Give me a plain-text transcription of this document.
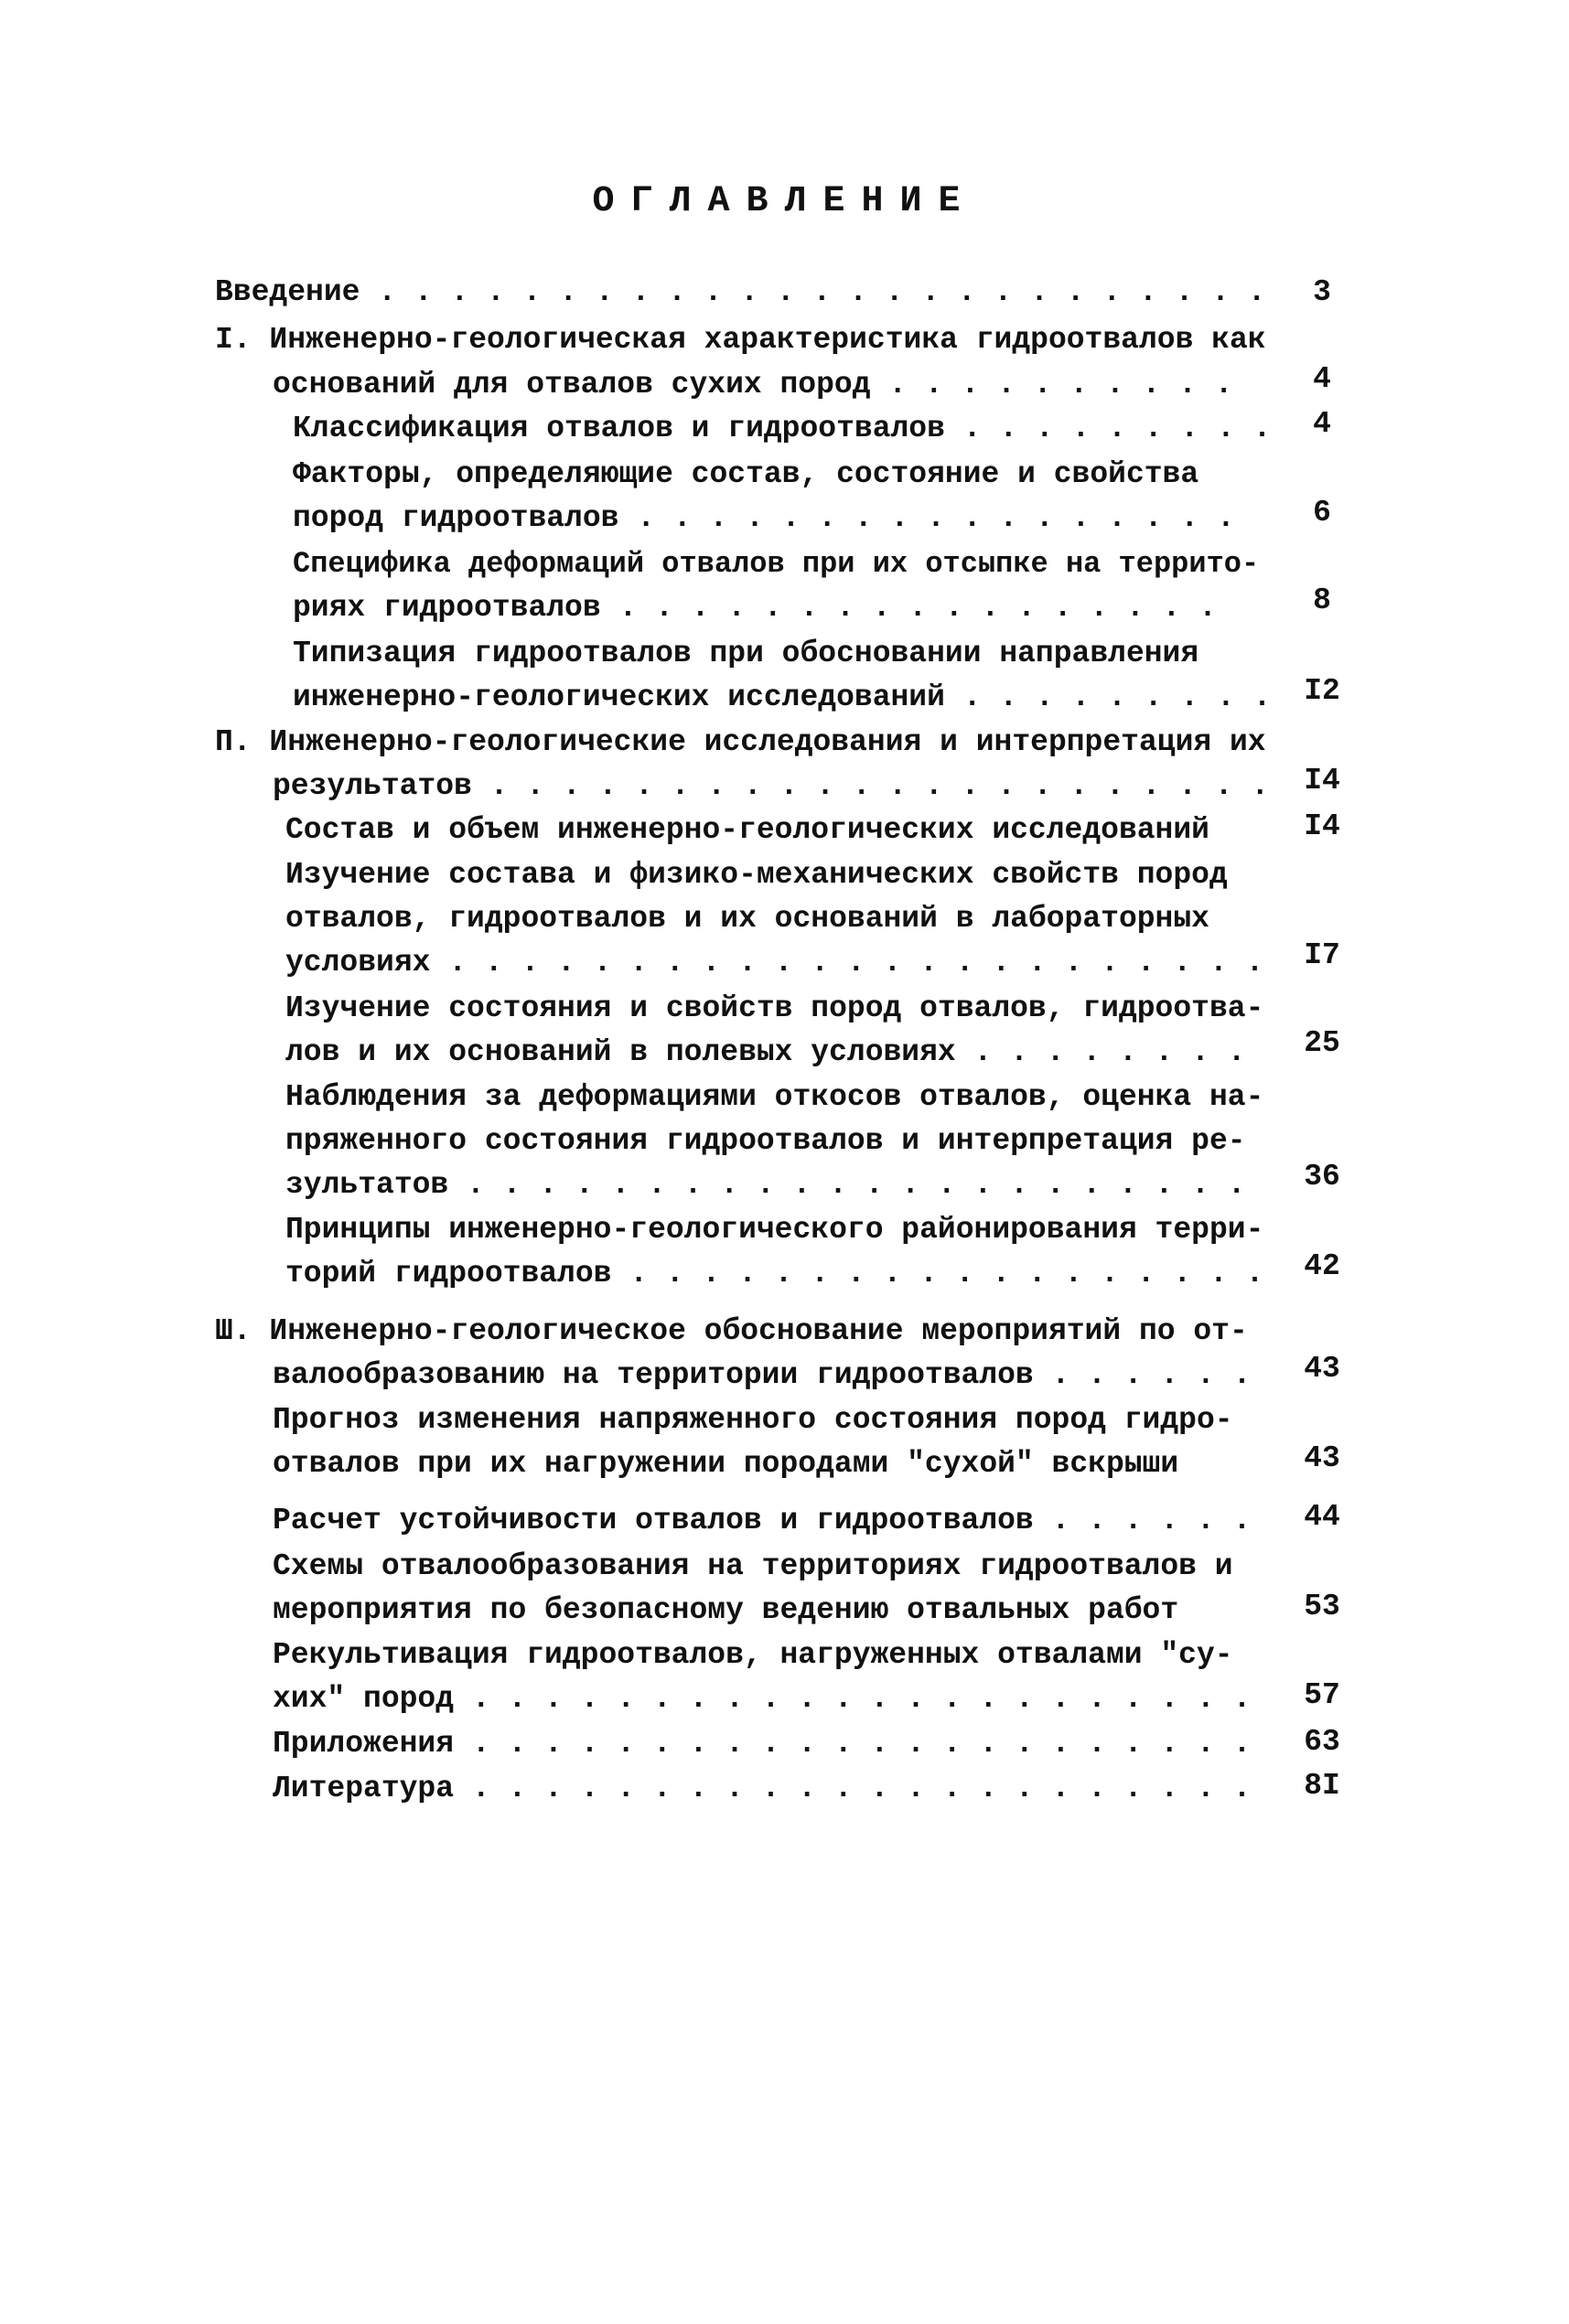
ОГЛАВЛЕНИЕ
Введение . . . . . . . . . . . . . . . . . . . . . . . . .	3
I. Инженерно-геологическая характеристика гидроотвалов как
оснований для отвалов сухих пород . . . . . . . . . .	4
Классификация отвалов и гидроотвалов . . . . . . . . .	4
Факторы, определяющие состав, состояние и свойства
пород гидроотвалов . . . . . . . . . . . . . . . . .	6
Специфика деформаций отвалов при их отсыпке на террито-
риях гидроотвалов . . . . . . . . . . . . . . . . .	8
Типизация гидроотвалов при обосновании направления
инженерно-геологических исследований . . . . . . . . .	I2
П. Инженерно-геологические исследования и интерпретация их
результатов . . . . . . . . . . . . . . . . . . . . . .	I4
Состав и объем инженерно-геологических исследований	I4
Изучение состава и физико-механических свойств пород
отвалов, гидроотвалов и их оснований в лабораторных
условиях . . . . . . . . . . . . . . . . . . . . . . .	I7
Изучение состояния и свойств пород отвалов, гидроотва-
лов и их оснований в полевых условиях . . . . . . . .	25
Наблюдения за деформациями откосов отвалов, оценка на-
пряженного состояния гидроотвалов и интерпретация ре-
зультатов . . . . . . . . . . . . . . . . . . . . . .	36
Принципы инженерно-геологического районирования терри-
торий гидроотвалов . . . . . . . . . . . . . . . . . .	42
Ш. Инженерно-геологическое обоснование мероприятий по от-
валообразованию на территории гидроотвалов . . . . . .	43
Прогноз изменения напряженного состояния пород гидро-
отвалов при их нагружении породами "сухой" вскрыши	43
Расчет устойчивости отвалов и гидроотвалов . . . . . .	44
Схемы отвалообразования на территориях гидроотвалов и
мероприятия по безопасному ведению отвальных работ	53
Рекультивация гидроотвалов, нагруженных отвалами "су-
хих" пород . . . . . . . . . . . . . . . . . . . . . .	57
Приложения . . . . . . . . . . . . . . . . . . . . . .	63
Литература . . . . . . . . . . . . . . . . . . . . . .	8I
